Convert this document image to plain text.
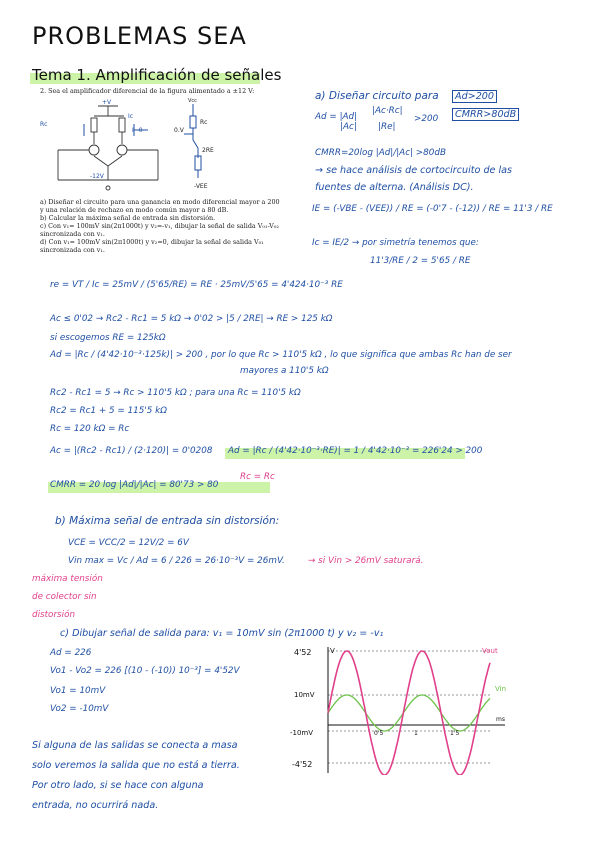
PROBLEMAS SEA
Tema 1. Amplificación de señales
2. Sea el amplificador diferencial de la figura alimentado a ±12 V:
+V
Rc
Ic
I=0
-12V
Vcc
Rc
0.V
2RE
-VEE
a) Diseñar el circuito para una ganancia en modo diferencial mayor a 200 y una relación de rechazo en modo común mayor a 80 dB.
b) Calcular la máxima señal de entrada sin distorsión.
c) Con v₁= 100mV sin(2π1000t) y v₂=-v₁, dibujar la señal de salida V₀₁-V₀₂ sincronizada con v₁.
d) Con v₁= 100mV sin(2π1000t) y v₂=0, dibujar la señal de salida V₀₁ sincronizada con v₁.
a) Diseñar circuito para	Ad>200
Ad = |Ad|
|Ac·Rc|
|Ac| |Re|
>200	CMRR>80dB
CMRR=20log |Ad|/|Ac| >80dB
→ se hace análisis de cortocircuito de las
fuentes de alterna. (Análisis DC).
IE = (-VBE - (VEE)) / RE = (-0'7 - (-12)) / RE = 11'3 / RE
Ic = IE/2 → por simetría tenemos que:
11'3/RE / 2 = 5'65 / RE
re = VT / Ic = 25mV / (5'65/RE) = RE · 25mV/5'65 = 4'424·10⁻³ RE
Ac ≤ 0'02 → Rc2 - Rc1 = 5 kΩ → 0'02 > |5 / 2RE| → RE > 125 kΩ
si escogemos RE = 125kΩ
Ad = |Rc / (4'42·10⁻³·125k)| > 200 , por lo que Rc > 110'5 kΩ , lo que significa que ambas Rc han de ser
mayores a 110'5 kΩ
Rc2 - Rc1 = 5 → Rc > 110'5 kΩ ; para una Rc = 110'5 kΩ
Rc2 = Rc1 + 5 = 115'5 kΩ
Rc = 120 kΩ = Rc
Ac = |(Rc2 - Rc1) / (2·120)| = 0'0208 Ad = |Rc / (4'42·10⁻³·RE)| = 1 / 4'42·10⁻³ = 226'24 > 200
CMRR = 20 log |Ad|/|Ac| = 80'73 > 80
Rc = Rc
b) Máxima señal de entrada sin distorsión:
VCE = VCC/2 = 12V/2 = 6V
Vin max = Vc / Ad = 6 / 226 = 26·10⁻³V = 26mV.	→ si Vin > 26mV saturará.
máxima tensión
de colector sin
distorsión
c) Dibujar señal de salida para: v₁ = 10mV sin (2π1000 t) y v₂ = -v₁
Ad = 226
Vo1 - Vo2 = 226 [(10 - (-10)) 10⁻³] = 4'52V
Vo1 = 10mV
Vo2 = -10mV
Si alguna de las salidas se conecta a masa
solo veremos la salida que no está a tierra.
Por otro lado, si se hace con alguna
entrada, no ocurrirá nada.
4'52	V
10mV
-10mV
-4'52
0'5	1	1'5
ms
Vout
Vin
